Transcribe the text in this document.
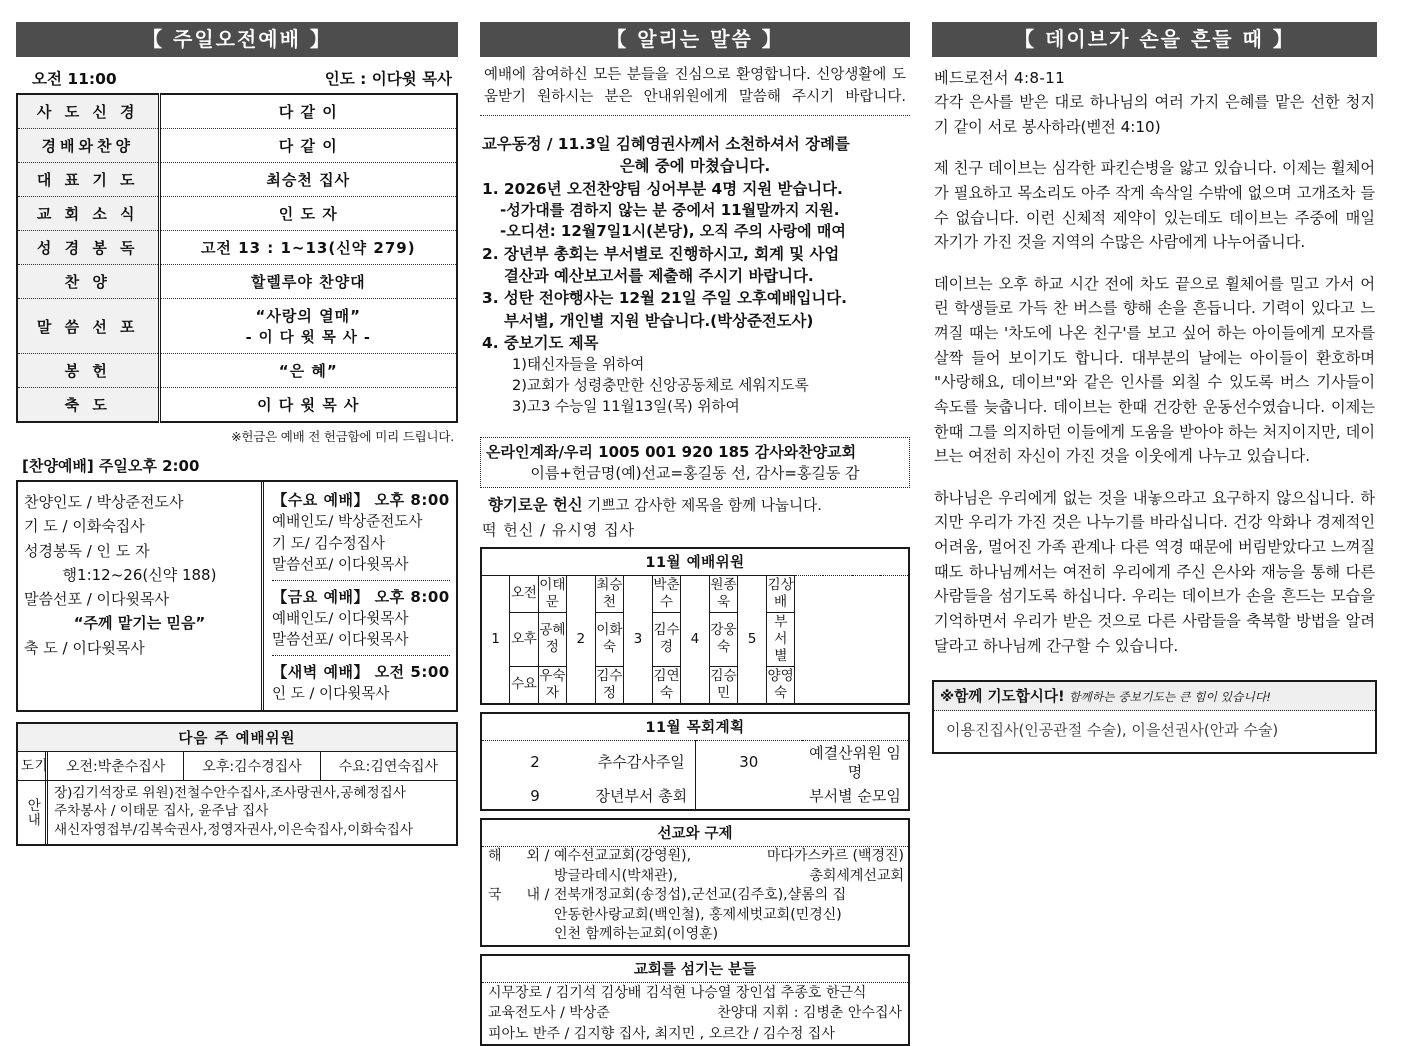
【 주일오전예배 】
오전 11:00	인도 : 이다윗 목사
사 도 신 경	다 같 이
경배와찬양	다 같 이
대 표 기 도	최승천 집사
교 회 소 식	인 도 자
성 경 봉 독	고전 13 : 1~13(신약 279)
찬 양	할렐루야 찬양대
말 씀 선 포	“사랑의 열매”
- 이 다 윗 목 사 -

봉 헌	“은 혜”
축 도	이 다 윗 목 사
※헌금은 예배 전 헌금함에 미리 드립니다.
[찬양예배] 주일오후 2:00
찬양인도 / 박상준전도사
기 도 / 이화숙집사
성경봉독 / 인 도 자
행1:12~26(신약 188)
말씀선포 / 이다윗목사
“주께 맡기는 믿음”
축 도 / 이다윗목사
【수요 예배】 오후 8:00
예배인도/ 박상준전도사
기 도/ 김수정집사
말씀선포/ 이다윗목사
【금요 예배】 오후 8:00
예배인도/ 이다윗목사
말씀선포/ 이다윗목사
【새벽 예배】 오전 5:00
인 도 / 이다윗목사
다음 주 예배위원
기도	오전:박춘수집사	오후:김수경집사	수요:김연숙집사
안내
장)김기석장로 위원)전철수안수집사,조사랑권사,공혜정집사
주차봉사 / 이태문 집사, 윤주남 집사
새신자영접부/김복숙권사,정영자권사,이은숙집사,이화숙집사
【 알리는 말씀 】
예배에 참여하신 모든 분들을 진심으로 환영합니다. 신앙생활에 도움받기 원하시는 분은 안내위원에게 말씀해 주시기 바랍니다.
교우동정 / 11.3일 김혜영권사께서 소천하셔서 장례를
은혜 중에 마쳤습니다.
1. 2026년 오전찬양팀 싱어부분 4명 지원 받습니다.
-성가대를 겸하지 않는 분 중에서 11월말까지 지원.
-오디션: 12월7일1시(본당), 오직 주의 사랑에 매여
2. 장년부 총회는 부서별로 진행하시고, 회계 및 사업
결산과 예산보고서를 제출해 주시기 바랍니다.
3. 성탄 전야행사는 12월 21일 주일 오후예배입니다.
부서별, 개인별 지원 받습니다.(박상준전도사)
4. 중보기도 제목
1)태신자들을 위하여
2)교회가 성령충만한 신앙공동체로 세워지도록
3)고3 수능일 11월13일(목) 위하여
온라인계좌/우리 1005 001 920 185 감사와찬양교회
이름+헌금명(예)선교=홍길동 선, 감사=홍길동 감
향기로운 헌신 기쁘고 감사한 제목을 함께 나눕니다.
떡 헌신 / 유시영 집사
11월 예배위원										
1	오전	이태문	2	최승천	3	박춘수	4	원종욱	5	김상배
	오후	공혜정		이화숙		김수경		강웅숙		부 서 별
	수요	우숙자		김수정		김연숙		김승민		양영숙
11월 목회계획			
2	추수감사주일	30	예결산위원 임명
9	장년부서 총회		부서별 순모임
선교와 구제
해 외 / 예수선교교회(강영원),	마다가스카르 (백경진)
방글라데시(박채관),	총회세계선교회
국 내 / 전북개정교회(송정섭),군선교(김주호),샬롬의 집
안동한사랑교회(백인철), 홍제세벗교회(민경신)
인천 함께하는교회(이영훈)
교회를 섬기는 분들
시무장로 / 김기석 김상배 김석현 나승열 장인섭 추종호 한근식
교육전도사 / 박상준	찬양대 지휘 : 김병춘 안수집사
피아노 반주 / 김지향 집사, 최지민 , 오르간 / 김수정 집사
【 데이브가 손을 흔들 때 】
베드로전서 4:8-11
각각 은사를 받은 대로 하나님의 여러 가지 은혜를 맡은 선한 청지기 같이 서로 봉사하라(벧전 4:10)
제 친구 데이브는 심각한 파킨슨병을 앓고 있습니다. 이제는 휠체어가 필요하고 목소리도 아주 작게 속삭일 수밖에 없으며 고개조차 들 수 없습니다. 이런 신체적 제약이 있는데도 데이브는 주중에 매일 자기가 가진 것을 지역의 수많은 사람에게 나누어줍니다.
데이브는 오후 하교 시간 전에 차도 끝으로 휠체어를 밀고 가서 어린 학생들로 가득 찬 버스를 향해 손을 흔듭니다. 기력이 있다고 느껴질 때는 '차도에 나온 친구'를 보고 싶어 하는 아이들에게 모자를 살짝 들어 보이기도 합니다. 대부분의 날에는 아이들이 환호하며 "사랑해요, 데이브"와 같은 인사를 외칠 수 있도록 버스 기사들이 속도를 늦춥니다. 데이브는 한때 건강한 운동선수였습니다. 이제는 한때 그를 의지하던 이들에게 도움을 받아야 하는 처지이지만, 데이브는 여전히 자신이 가진 것을 이웃에게 나누고 있습니다.
하나님은 우리에게 없는 것을 내놓으라고 요구하지 않으십니다. 하지만 우리가 가진 것은 나누기를 바라십니다. 건강 악화나 경제적인 어려움, 멀어진 가족 관계나 다른 역경 때문에 버림받았다고 느껴질 때도 하나님께서는 여전히 우리에게 주신 은사와 재능을 통해 다른 사람들을 섬기도록 하십니다. 우리는 데이브가 손을 흔드는 모습을 기억하면서 우리가 받은 것으로 다른 사람들을 축복할 방법을 알려달라고 하나님께 간구할 수 있습니다.
※함께 기도합시다! 함께하는 중보기도는 큰 힘이 있습니다!
이용진집사(인공관절 수술), 이을선권사(안과 수술)
